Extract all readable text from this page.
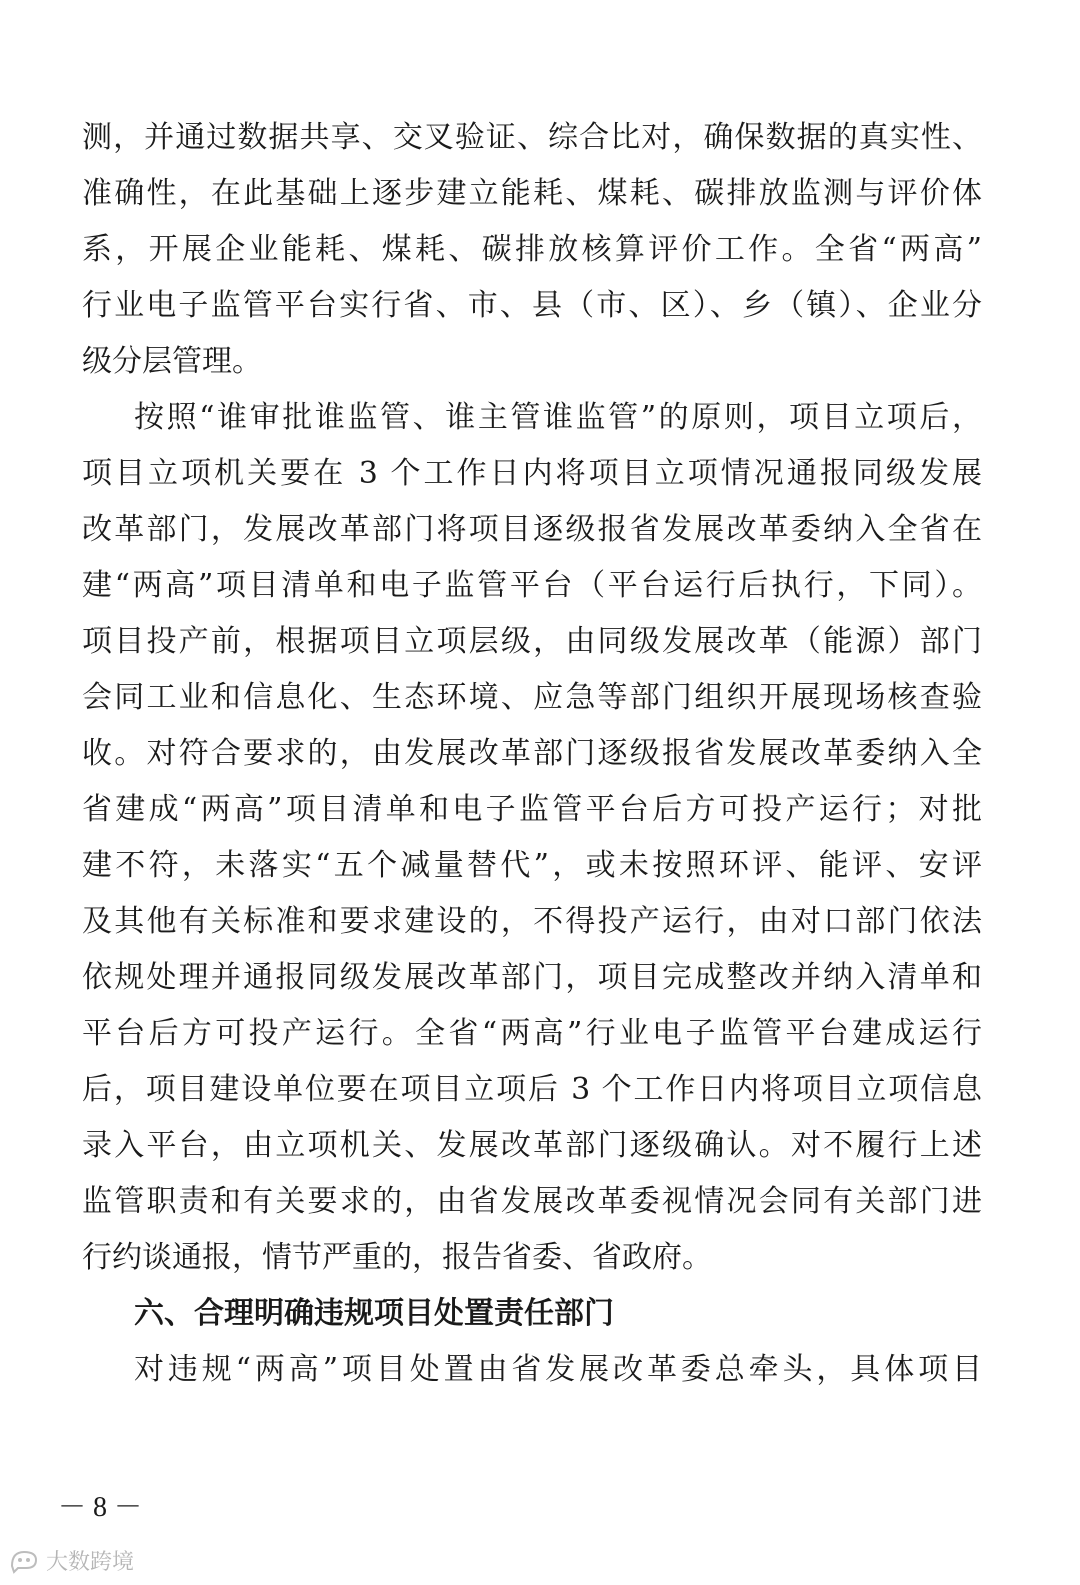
测，并通过数据共享、交叉验证、综合比对，确保数据的真实性、
准确性，在此基础上逐步建立能耗、煤耗、碳排放监测与评价体
系，开展企业能耗、煤耗、碳排放核算评价工作。全省“两高”
行业电子监管平台实行省、市、县（市、区）、乡（镇）、企业分
级分层管理。
按照“谁审批谁监管、谁主管谁监管”的原则，项目立项后，
项目立项机关要在 3 个工作日内将项目立项情况通报同级发展
改革部门，发展改革部门将项目逐级报省发展改革委纳入全省在
建“两高”项目清单和电子监管平台（平台运行后执行，下同）。
项目投产前，根据项目立项层级，由同级发展改革（能源）部门
会同工业和信息化、生态环境、应急等部门组织开展现场核查验
收。对符合要求的，由发展改革部门逐级报省发展改革委纳入全
省建成“两高”项目清单和电子监管平台后方可投产运行；对批
建不符，未落实“五个减量替代”，或未按照环评、能评、安评
及其他有关标准和要求建设的，不得投产运行，由对口部门依法
依规处理并通报同级发展改革部门，项目完成整改并纳入清单和
平台后方可投产运行。全省“两高”行业电子监管平台建成运行
后，项目建设单位要在项目立项后 3 个工作日内将项目立项信息
录入平台，由立项机关、发展改革部门逐级确认。对不履行上述
监管职责和有关要求的，由省发展改革委视情况会同有关部门进
行约谈通报，情节严重的，报告省委、省政府。
六、合理明确违规项目处置责任部门
对违规“两高”项目处置由省发展改革委总牵头，具体项目
－ 8 －
大数跨境
